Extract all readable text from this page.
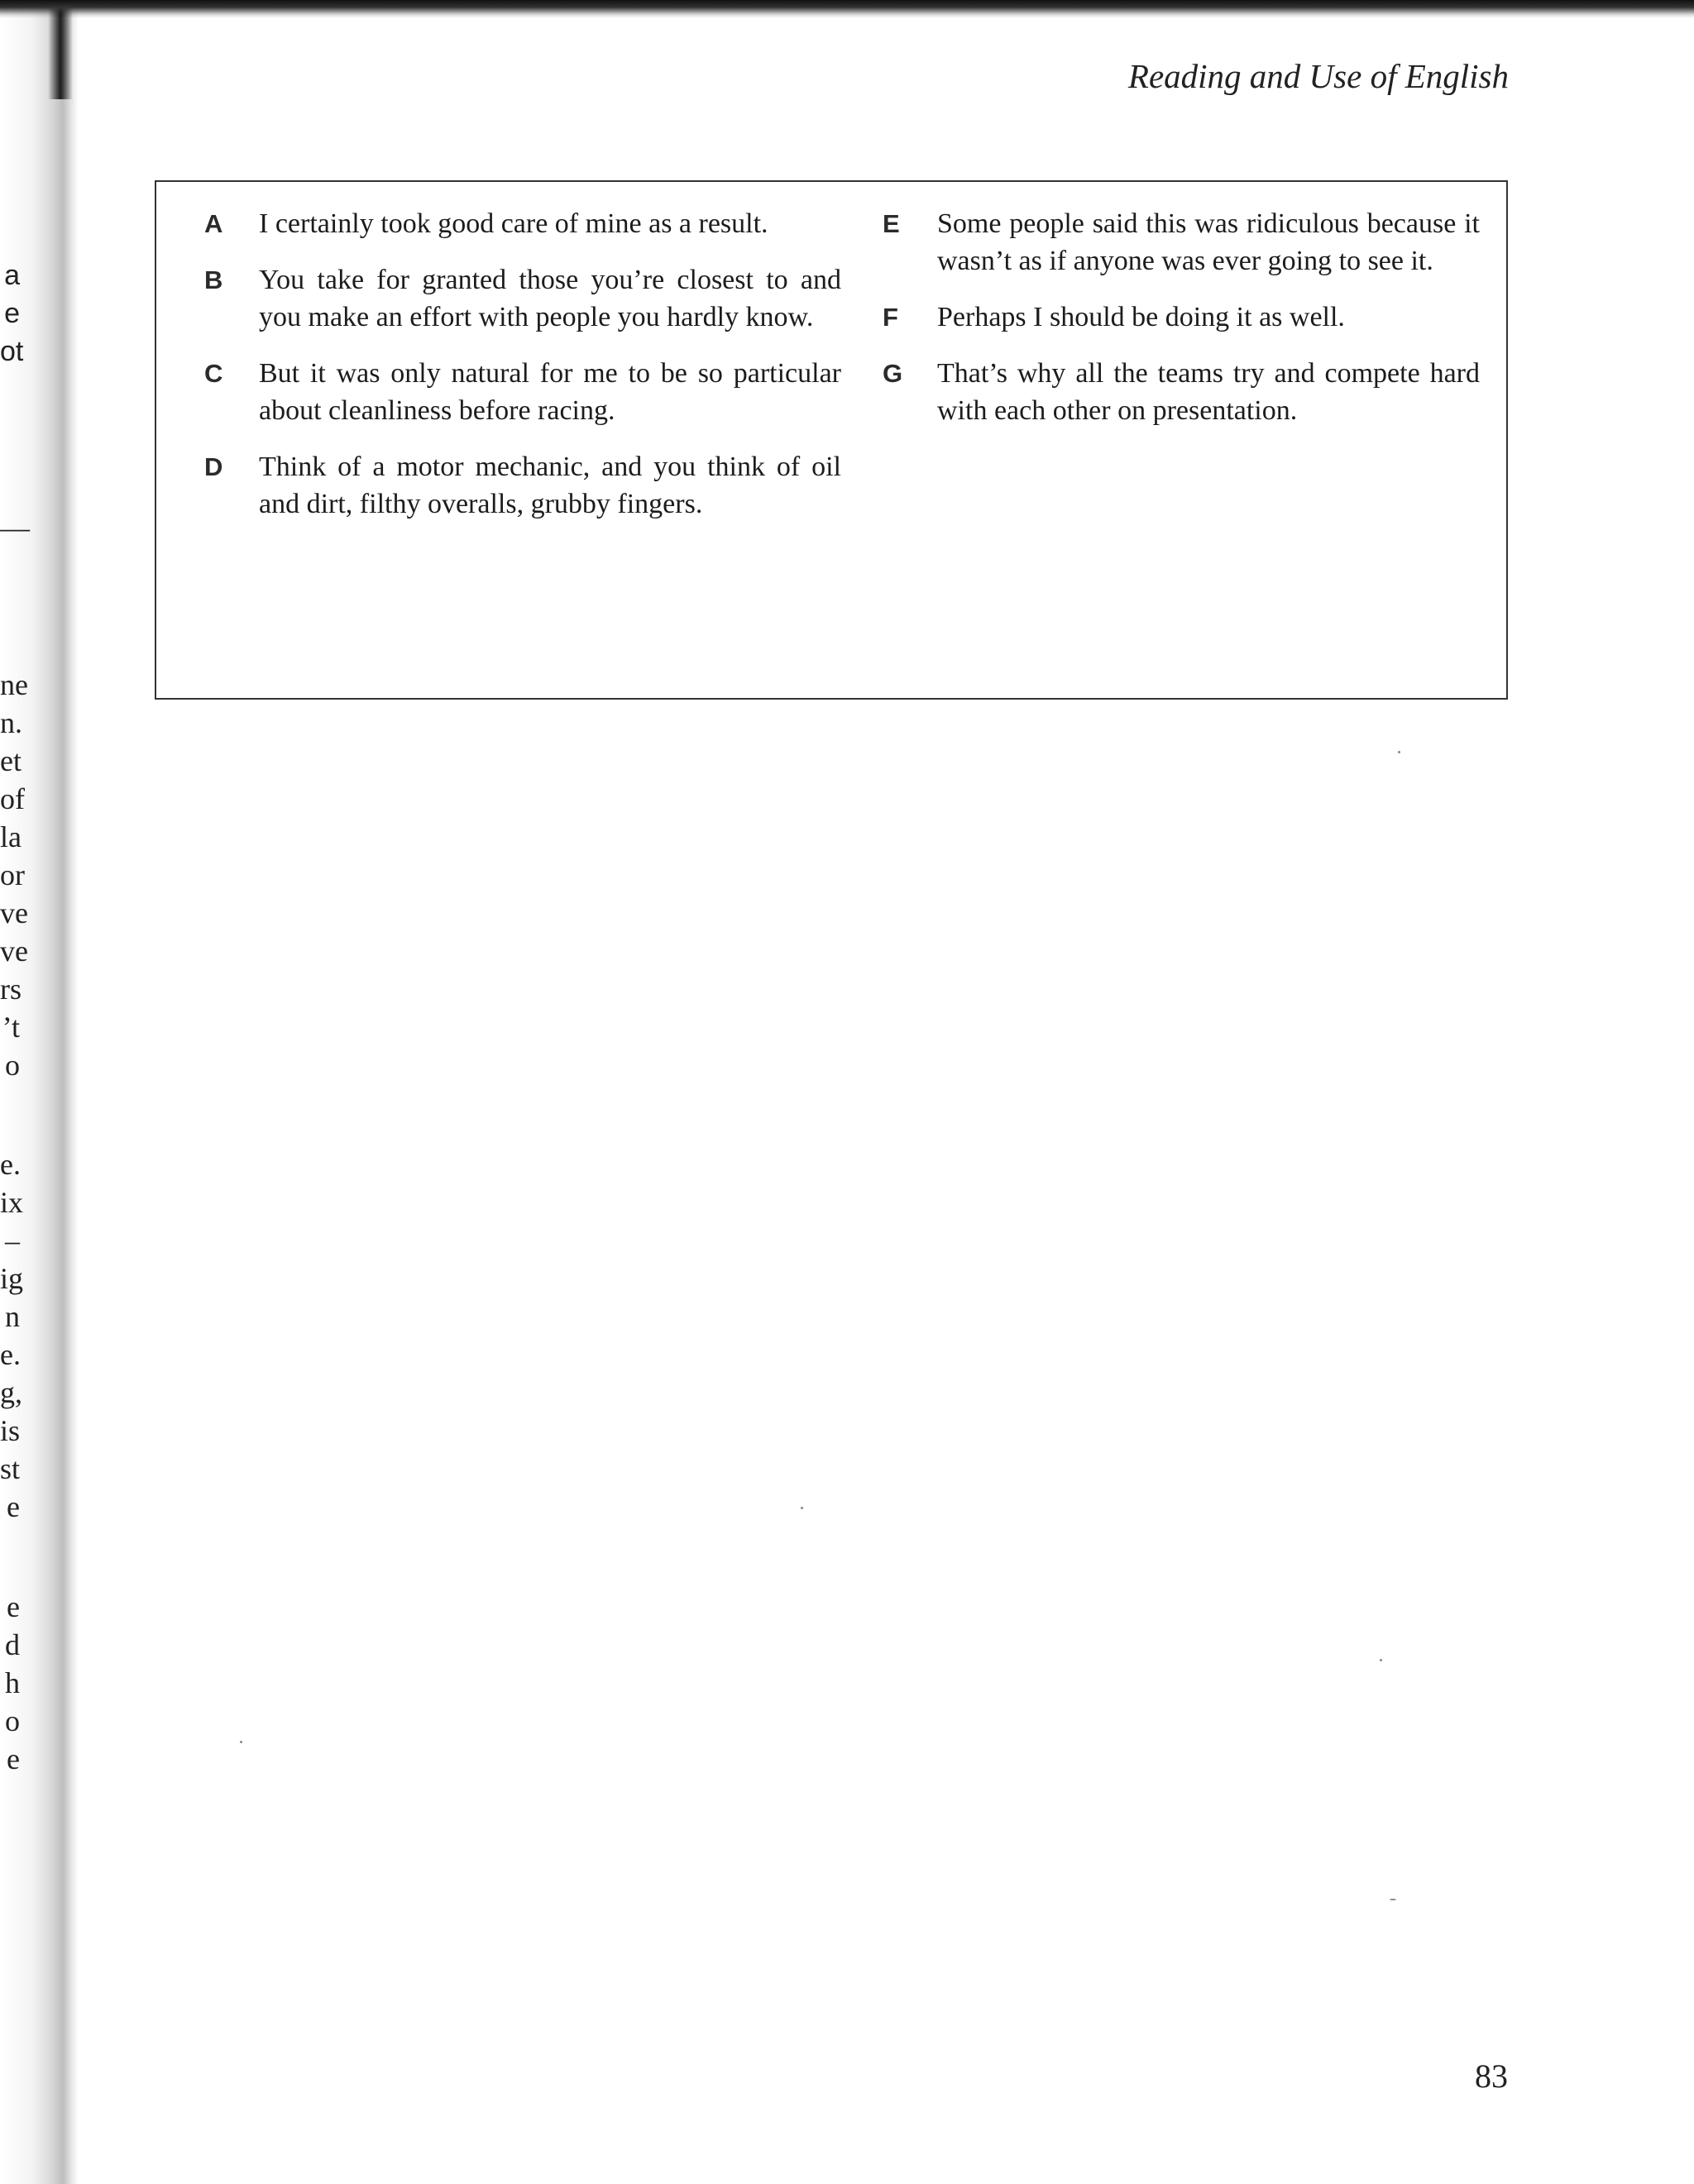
a
e
ot
—
ne
n.
et
of
la
or
ve
ve
rs
’t
o
e.
ix
–
ig
n
e.
g,
is
st
e
e
d
h
o
e
Reading and Use of English
A	I certainly took good care of mine as a result.
B	You take for granted those you’re closest to and you make an effort with people you hardly know.
C	But it was only natural for me to be so particular about cleanliness before racing.
D	Think of a motor mechanic, and you think of oil and dirt, filthy overalls, grubby fingers.
E	Some people said this was ridiculous because it wasn’t as if anyone was ever going to see it.
F	Perhaps I should be doing it as well.
G	That’s why all the teams try and compete hard with each other on presentation.
83
